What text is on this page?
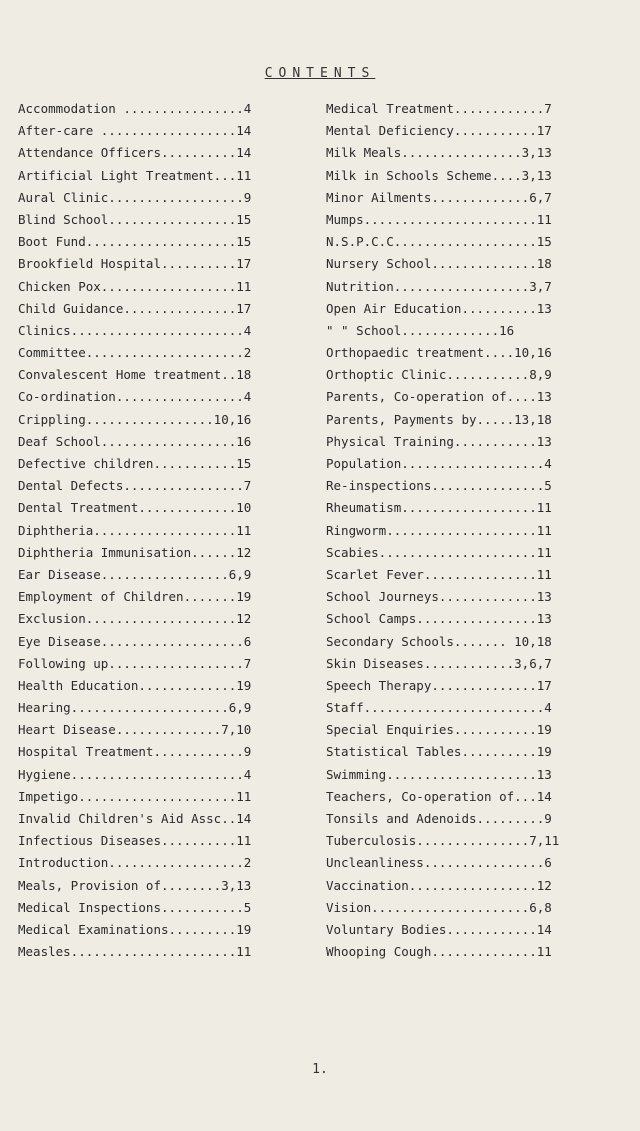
CONTENTS
Accommodation ................4
After-care ..................14
Attendance Officers..........14
Artificial Light Treatment...11
Aural Clinic..................9
Blind School.................15
Boot Fund....................15
Brookfield Hospital..........17
Chicken Pox..................11
Child Guidance...............17
Clinics.......................4
Committee.....................2
Convalescent Home treatment..18
Co-ordination.................4
Crippling.................10,16
Deaf School..................16
Defective children...........15
Dental Defects................7
Dental Treatment.............10
Diphtheria...................11
Diphtheria Immunisation......12
Ear Disease.................6,9
Employment of Children.......19
Exclusion....................12
Eye Disease...................6
Following up..................7
Health Education.............19
Hearing.....................6,9
Heart Disease..............7,10
Hospital Treatment............9
Hygiene.......................4
Impetigo.....................11
Invalid Children's Aid Assc..14
Infectious Diseases..........11
Introduction..................2
Meals, Provision of........3,13
Medical Inspections...........5
Medical Examinations.........19
Measles......................11
Medical Treatment............7
Mental Deficiency...........17
Milk Meals................3,13
Milk in Schools Scheme....3,13
Minor Ailments.............6,7
Mumps.......................11
N.S.P.C.C...................15
Nursery School..............18
Nutrition..................3,7
Open Air Education..........13
" " School.............16
Orthopaedic treatment....10,16
Orthoptic Clinic...........8,9
Parents, Co-operation of....13
Parents, Payments by.....13,18
Physical Training...........13
Population...................4
Re-inspections...............5
Rheumatism..................11
Ringworm....................11
Scabies.....................11
Scarlet Fever...............11
School Journeys.............13
School Camps................13
Secondary Schools....... 10,18
Skin Diseases............3,6,7
Speech Therapy..............17
Staff........................4
Special Enquiries...........19
Statistical Tables..........19
Swimming....................13
Teachers, Co-operation of...14
Tonsils and Adenoids.........9
Tuberculosis...............7,11
Uncleanliness................6
Vaccination.................12
Vision.....................6,8
Voluntary Bodies............14
Whooping Cough..............11
1.
